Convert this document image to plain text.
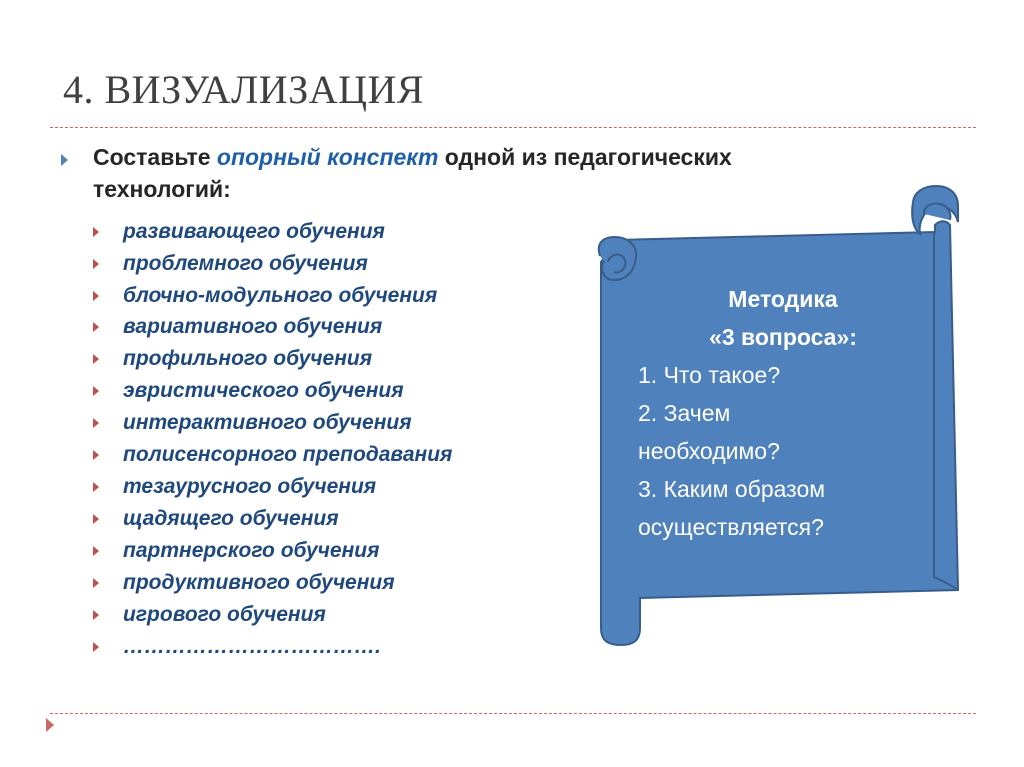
4. ВИЗУАЛИЗАЦИЯ
Составьте опорный конспект одной из педагогических
технологий:
развивающего обучения
проблемного обучения
блочно-модульного обучения
вариативного обучения
профильного обучения
эвристического обучения
интерактивного обучения
полисенсорного преподавания
тезаурусного обучения
щадящего обучения
партнерского обучения
продуктивного обучения
игрового обучения
……………………………….
Методика
«3 вопроса»:
1. Что такое?
2. Зачем
необходимо?
3. Каким образом
осуществляется?
